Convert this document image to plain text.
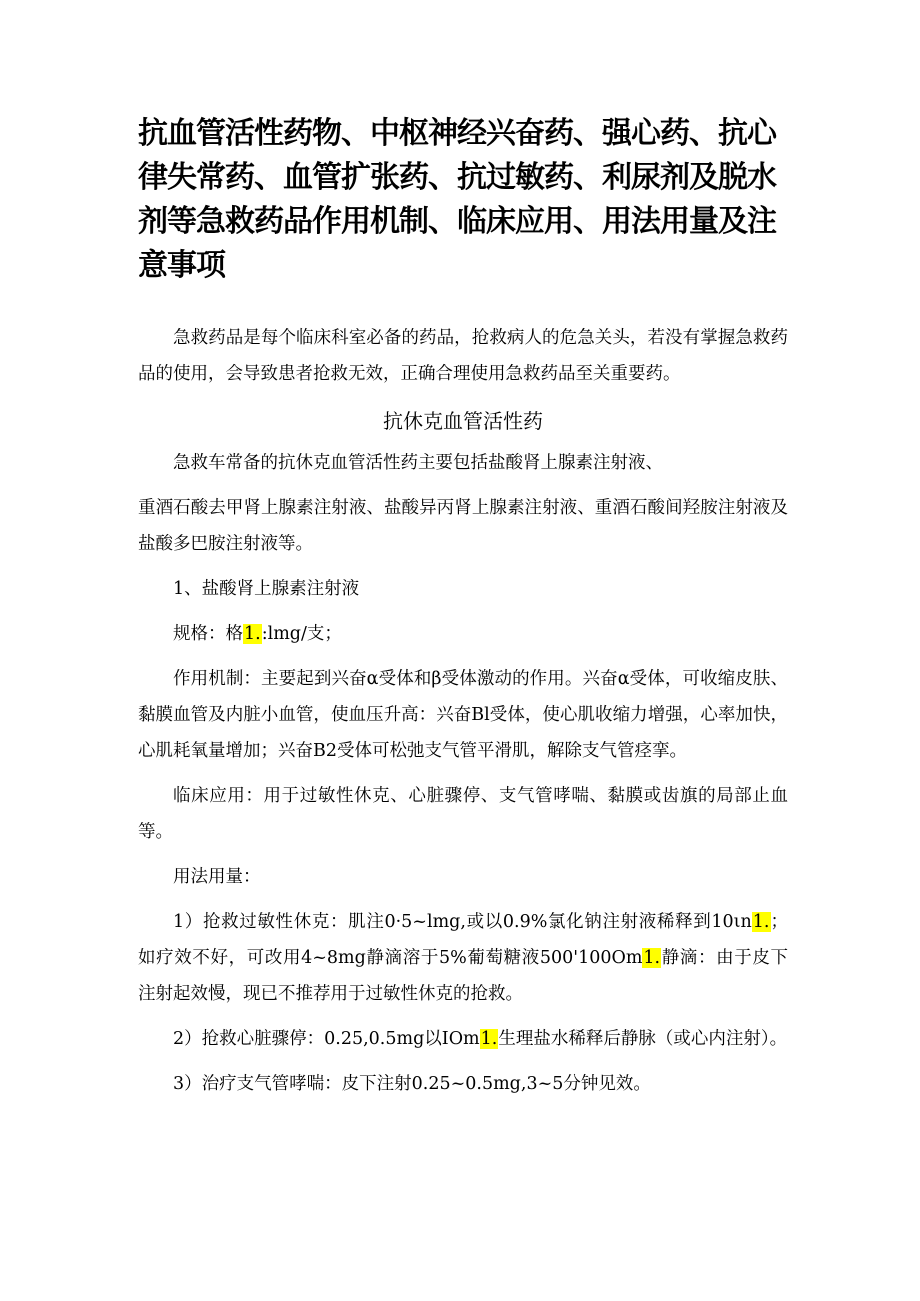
抗血管活性药物、中枢神经兴奋药、强心药、抗心律失常药、血管扩张药、抗过敏药、利尿剂及脱水剂等急救药品作用机制、临床应用、用法用量及注意事项

急救药品是每个临床科室必备的药品，抢救病人的危急关头，若没有掌握急救药品的使用，会导致患者抢救无效，正确合理使用急救药品至关重要药。

抗休克血管活性药

急救车常备的抗休克血管活性药主要包括盐酸肾上腺素注射液、

重酒石酸去甲肾上腺素注射液、盐酸异丙肾上腺素注射液、重酒石酸间羟胺注射液及盐酸多巴胺注射液等。

1、盐酸肾上腺素注射液

规格：格1.:lmg/支；

作用机制：主要起到兴奋α受体和β受体激动的作用。兴奋α受体，可收缩皮肤、黏膜血管及内脏小血管，使血压升高：兴奋Bl受体，使心肌收缩力增强，心率加快，心肌耗氧量增加；兴奋B2受体可松弛支气管平滑肌，解除支气管痉挛。

临床应用：用于过敏性休克、心脏骤停、支气管哮喘、黏膜或齿旗的局部止血等。

用法用量：

1）抢救过敏性休克：肌注0·5~lmg,或以0.9%氯化钠注射液稀释到10ιn1.；如疗效不好，可改用4~8mg静滴溶于5%葡萄糖液500'100Om1.静滴：由于皮下注射起效慢，现已不推荐用于过敏性休克的抢救。

2）抢救心脏骤停：0.25,0.5mg以IOm1.生理盐水稀释后静脉（或心内注射）。

3）治疗支气管哮喘：皮下注射0.25~0.5mg,3~5分钟见效。
